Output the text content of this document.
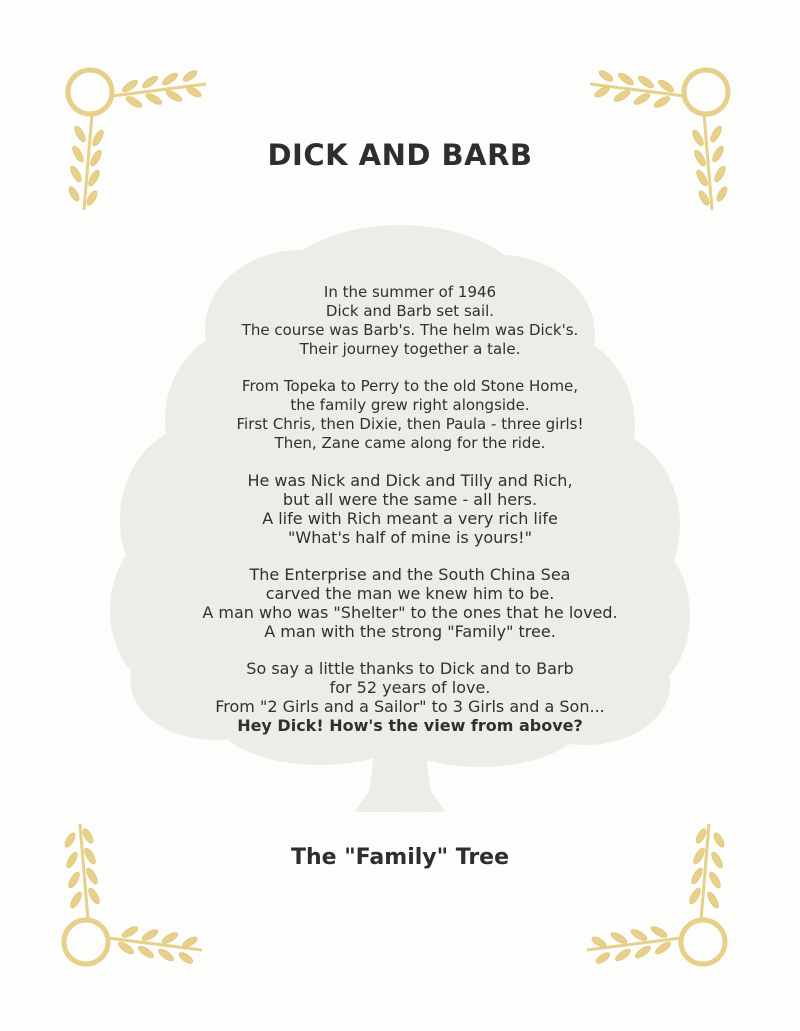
DICK AND BARB
In the summer of 1946
Dick and Barb set sail.
The course was Barb's. The helm was Dick's.
Their journey together a tale.
From Topeka to Perry to the old Stone Home,
the family grew right alongside.
First Chris, then Dixie, then Paula - three girls!
Then, Zane came along for the ride.
He was Nick and Dick and Tilly and Rich,
but all were the same - all hers.
A life with Rich meant a very rich life
"What's half of mine is yours!"
The Enterprise and the South China Sea
carved the man we knew him to be.
A man who was "Shelter" to the ones that he loved.
A man with the strong "Family" tree.
So say a little thanks to Dick and to Barb
for 52 years of love.
From "2 Girls and a Sailor" to 3 Girls and a Son...
Hey Dick! How's the view from above?
The "Family" Tree
